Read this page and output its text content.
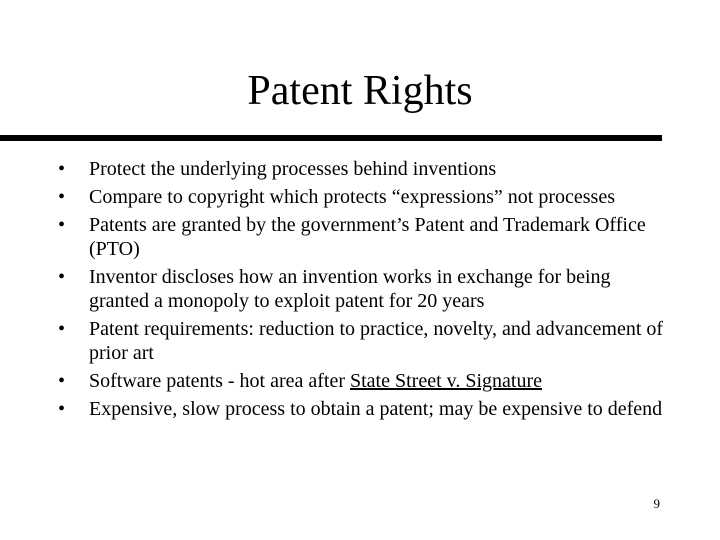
Patent Rights
•	Protect the underlying processes behind inventions
•	Compare to copyright which protects “expressions” not processes
•	Patents are granted by the government’s Patent and Trademark Office (PTO)
•	Inventor discloses how an invention works in exchange for being granted a monopoly to exploit patent for 20 years
•	Patent requirements: reduction to practice, novelty, and advancement of prior art
•	Software patents - hot area after State Street v. Signature
•	Expensive, slow process to obtain a patent; may be expensive to defend
9
